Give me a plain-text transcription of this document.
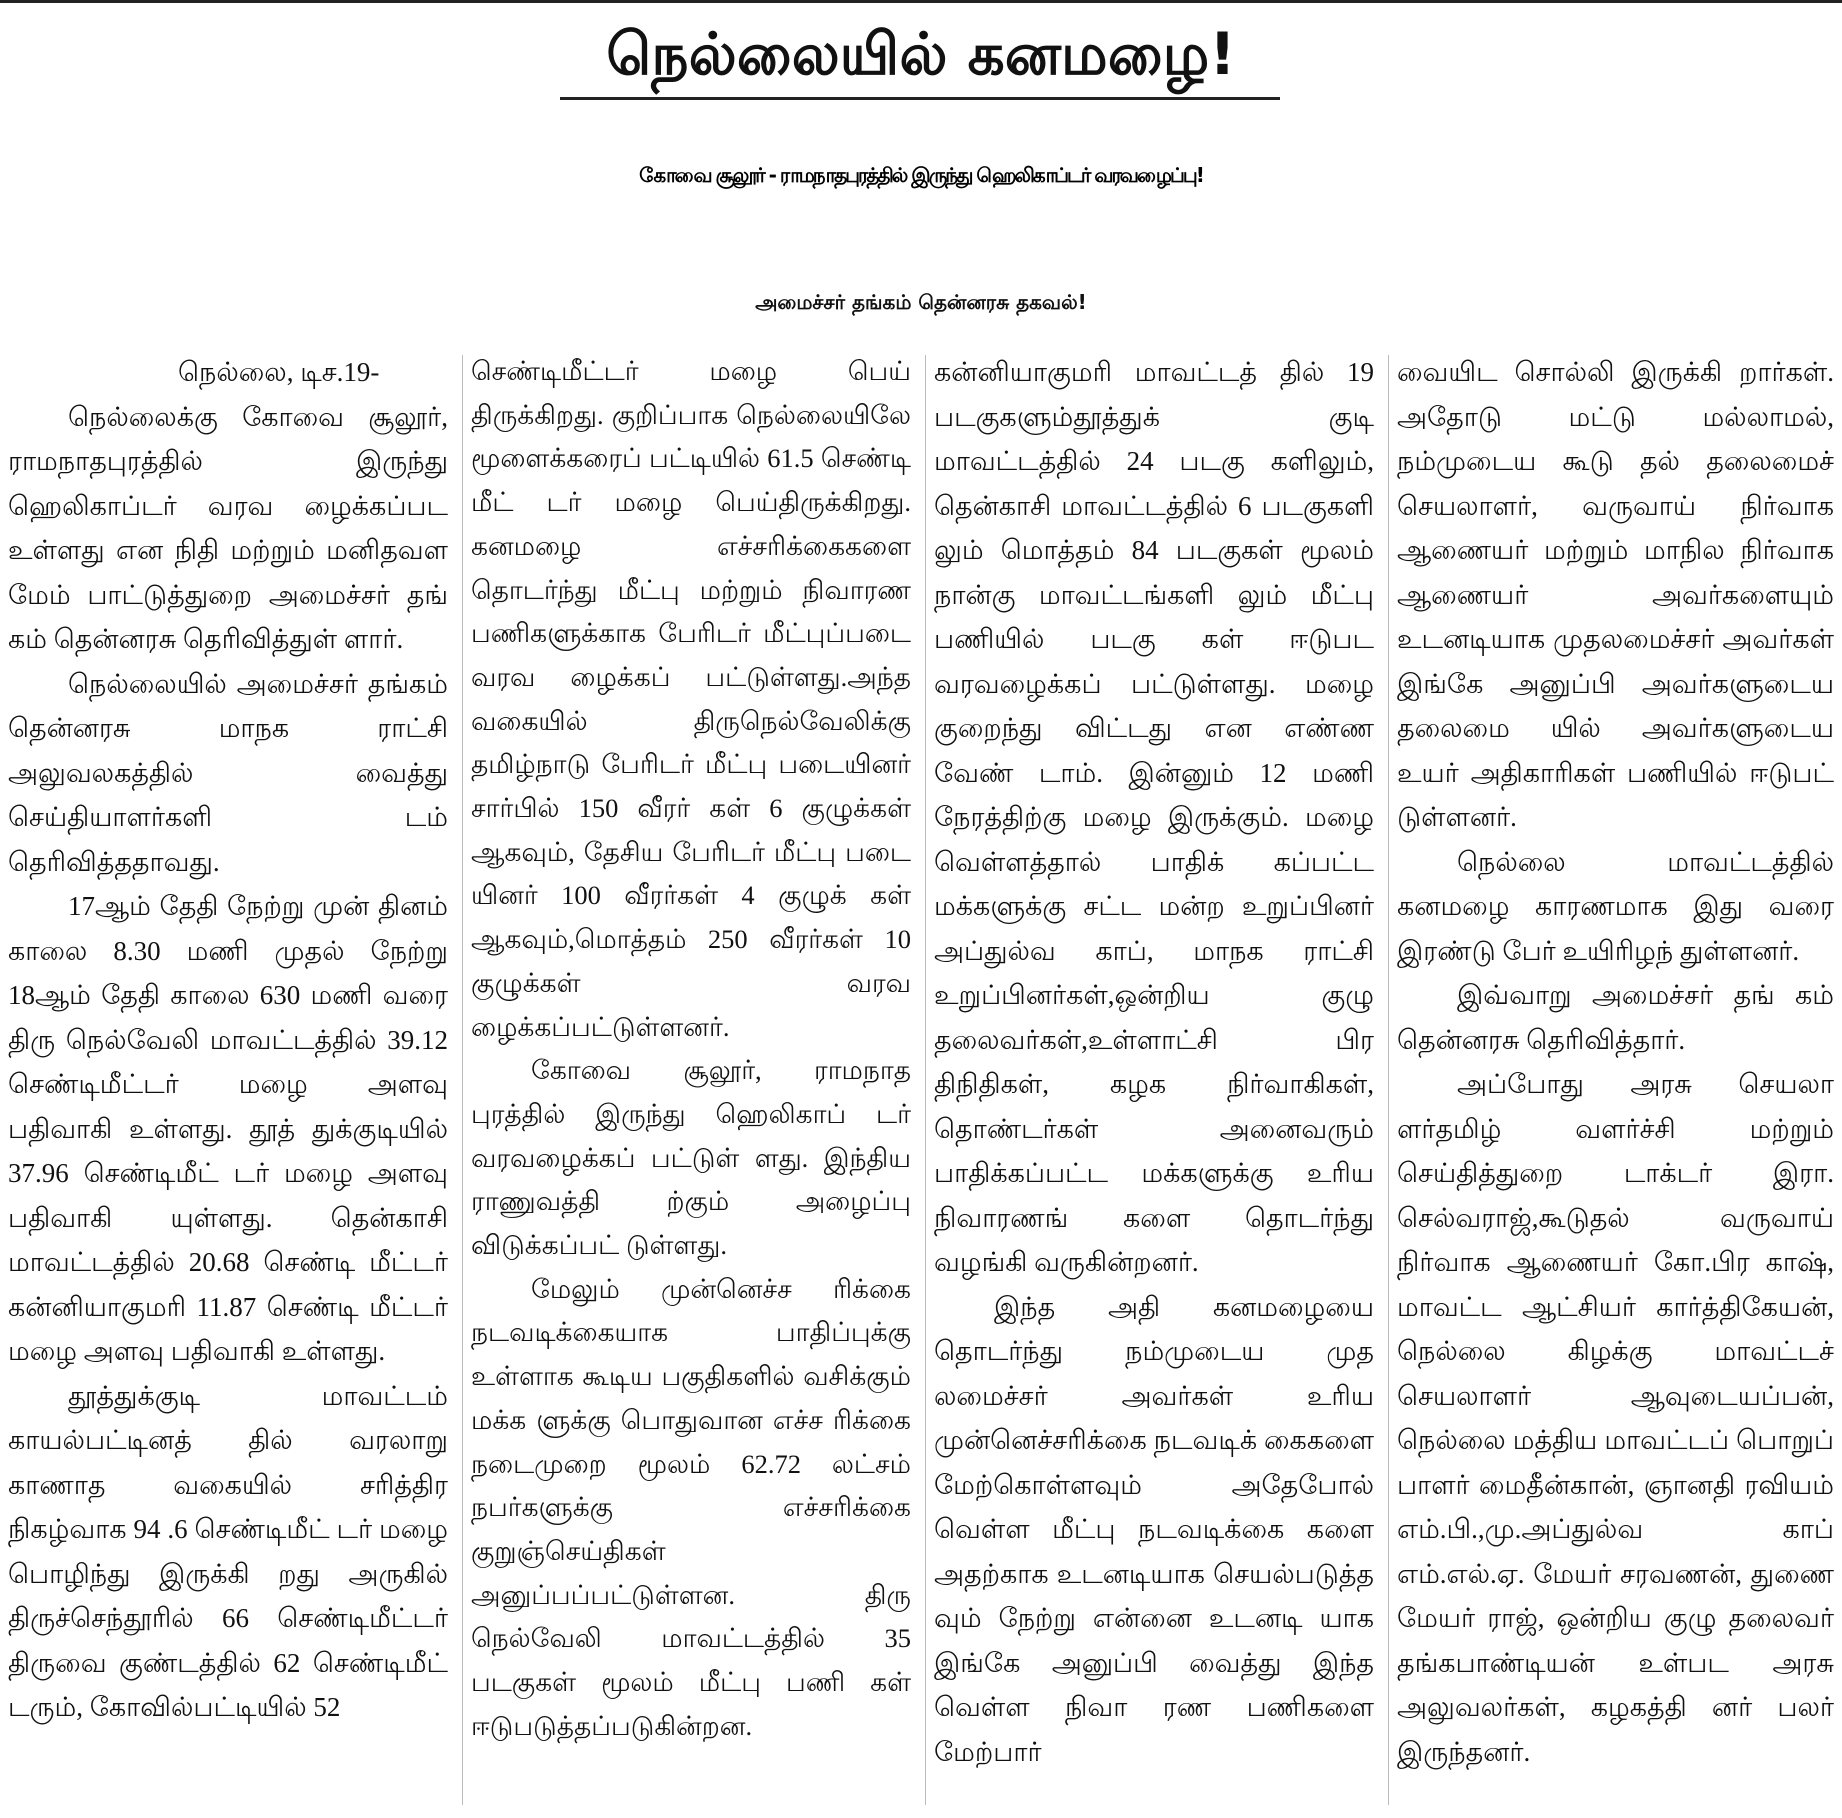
நெல்லையில் கனமழை!
கோவை சூலூர் - ராமநாதபுரத்தில் இருந்து ஹெலிகாப்டர் வரவழைப்பு!
அமைச்சர் தங்கம் தென்னரசு தகவல்!

நெல்லை, டிச.19-

நெல்லைக்கு கோவை சூலூர், ராமநாதபுரத்தில் இருந்து ஹெலிகாப்டர் வரவ ழைக்கப்பட உள்ளது என நிதி மற்றும் மனிதவள மேம் பாட்டுத்துறை அமைச்சர் தங் கம் தென்னரசு தெரிவித்துள் ளார்.

நெல்லையில் அமைச்சர் தங்கம் தென்னரசு மாநக ராட்சி அலுவலகத்தில் வைத்து செய்தியாளர்களி டம் தெரிவித்ததாவது.

17ஆம் தேதி நேற்று முன் தினம் காலை 8.30 மணி முதல் நேற்று 18ஆம் தேதி காலை 630 மணி வரை திரு நெல்வேலி மாவட்டத்தில் 39.12 செண்டிமீட்டர் மழை அளவு பதிவாகி உள்ளது. தூத் துக்குடியில் 37.96 செண்டிமீட் டர் மழை அளவு பதிவாகி யுள்ளது. தென்காசி மாவட்டத்தில் 20.68 செண்டி மீட்டர் கன்னியாகுமரி 11.87 செண்டி மீட்டர் மழை அளவு பதிவாகி உள்ளது.

தூத்துக்குடி மாவட்டம் காயல்பட்டினத் தில் வரலாறு காணாத வகையில் சரித்திர நிகழ்வாக 94 .6 செண்டிமீட் டர் மழை பொழிந்து இருக்கி றது அருகில் திருச்செந்தூரில் 66 செண்டிமீட்டர் திருவை குண்டத்தில் 62 செண்டிமீட் டரும், கோவில்பட்டியில் 52

செண்டிமீட்டர் மழை பெய் திருக்கிறது. குறிப்பாக நெல்லையிலே மூளைக்கரைப் பட்டியில் 61.5 செண்டி மீட் டர் மழை பெய்திருக்கிறது. கனமழை எச்சரிக்கைகளை தொடர்ந்து மீட்பு மற்றும் நிவாரண பணிகளுக்காக பேரிடர் மீட்புப்படை வரவ ழைக்கப் பட்டுள்ளது.அந்த வகையில் திருநெல்வேலிக்கு தமிழ்நாடு பேரிடர் மீட்பு படையினர் சார்பில் 150 வீரர் கள் 6 குழுக்கள் ஆகவும், தேசிய பேரிடர் மீட்பு படை யினர் 100 வீரர்கள் 4 குழுக் கள் ஆகவும்,மொத்தம் 250 வீரர்கள் 10 குழுக்கள் வரவ ழைக்கப்பட்டுள்ளனர்.

கோவை சூலூர், ராமநாத புரத்தில் இருந்து ஹெலிகாப் டர் வரவழைக்கப் பட்டுள் ளது. இந்திய ராணுவத்தி ற்கும் அழைப்பு விடுக்கப்பட் டுள்ளது.

மேலும் முன்னெச்ச ரிக்கை நடவடிக்கையாக பாதிப்புக்கு உள்ளாக கூடிய பகுதிகளில் வசிக்கும் மக்க ளுக்கு பொதுவான எச்ச ரிக்கை நடைமுறை மூலம் 62.72 லட்சம் நபர்களுக்கு எச்சரிக்கை குறுஞ்செய்திகள் அனுப்பப்பட்டுள்ளன. திரு நெல்வேலி மாவட்டத்தில் 35 படகுகள் மூலம் மீட்பு பணி கள் ஈடுபடுத்தப்படுகின்றன.

கன்னியாகுமரி மாவட்டத் தில் 19 படகுகளும்தூத்துக் குடி மாவட்டத்தில் 24 படகு களிலும், தென்காசி மாவட்டத்தில் 6 படகுகளி லும் மொத்தம் 84 படகுகள் மூலம் நான்கு மாவட்டங்களி லும் மீட்பு பணியில் படகு கள் ஈடுபட வரவழைக்கப் பட்டுள்ளது. மழை குறைந்து விட்டது என எண்ண வேண் டாம். இன்னும் 12 மணி நேரத்திற்கு மழை இருக்கும். மழை வெள்ளத்தால் பாதிக் கப்பட்ட மக்களுக்கு சட்ட மன்ற உறுப்பினர் அப்துல்வ காப், மாநக ராட்சி உறுப்பினர்கள்,ஒன்றிய குழு தலைவர்கள்,உள்ளாட்சி பிர திநிதிகள், கழக நிர்வாகிகள், தொண்டர்கள் அனைவரும் பாதிக்கப்பட்ட மக்களுக்கு உரிய நிவாரணங் களை தொடர்ந்து வழங்கி வருகின்றனர்.

இந்த அதி கனமழையை தொடர்ந்து நம்முடைய முத லமைச்சர் அவர்கள் உரிய முன்னெச்சரிக்கை நடவடிக் கைகளை மேற்கொள்ளவும் அதேபோல் வெள்ள மீட்பு நடவடிக்கை களை அதற்காக உடனடியாக செயல்படுத்த வும் நேற்று என்னை உடனடி யாக இங்கே அனுப்பி வைத்து இந்த வெள்ள நிவா ரண பணிகளை மேற்பார்

வையிட சொல்லி இருக்கி றார்கள். அதோடு மட்டு மல்லாமல், நம்முடைய கூடு தல் தலைமைச் செயலாளர், வருவாய் நிர்வாக ஆணையர் மற்றும் மாநில நிர்வாக ஆணையர் அவர்களையும் உடனடியாக முதலமைச்சர் அவர்கள் இங்கே அனுப்பி அவர்களுடைய தலைமை யில் அவர்களுடைய உயர் அதிகாரிகள் பணியில் ஈடுபட் டுள்ளனர்.

நெல்லை மாவட்டத்தில் கனமழை காரணமாக இது வரை இரண்டு பேர் உயிரிழந் துள்ளனர்.

இவ்வாறு அமைச்சர் தங் கம் தென்னரசு தெரிவித்தார்.

அப்போது அரசு செயலா ளர்தமிழ் வளர்ச்சி மற்றும் செய்தித்துறை டாக்டர் இரா. செல்வராஜ்,கூடுதல் வருவாய் நிர்வாக ஆணையர் கோ.பிர காஷ், மாவட்ட ஆட்சியர் கார்த்திகேயன், நெல்லை கிழக்கு மாவட்டச் செயலாளர் ஆவுடையப்பன், நெல்லை மத்திய மாவட்டப் பொறுப் பாளர் மைதீன்கான், ஞானதி ரவியம் எம்.பி.,மு.அப்துல்வ காப் எம்.எல்.ஏ. மேயர் சரவணன், துணை மேயர் ராஜ், ஒன்றிய குழு தலைவர் தங்கபாண்டியன் உள்பட அரசு அலுவலர்கள், கழகத்தி னர் பலர் இருந்தனர்.
